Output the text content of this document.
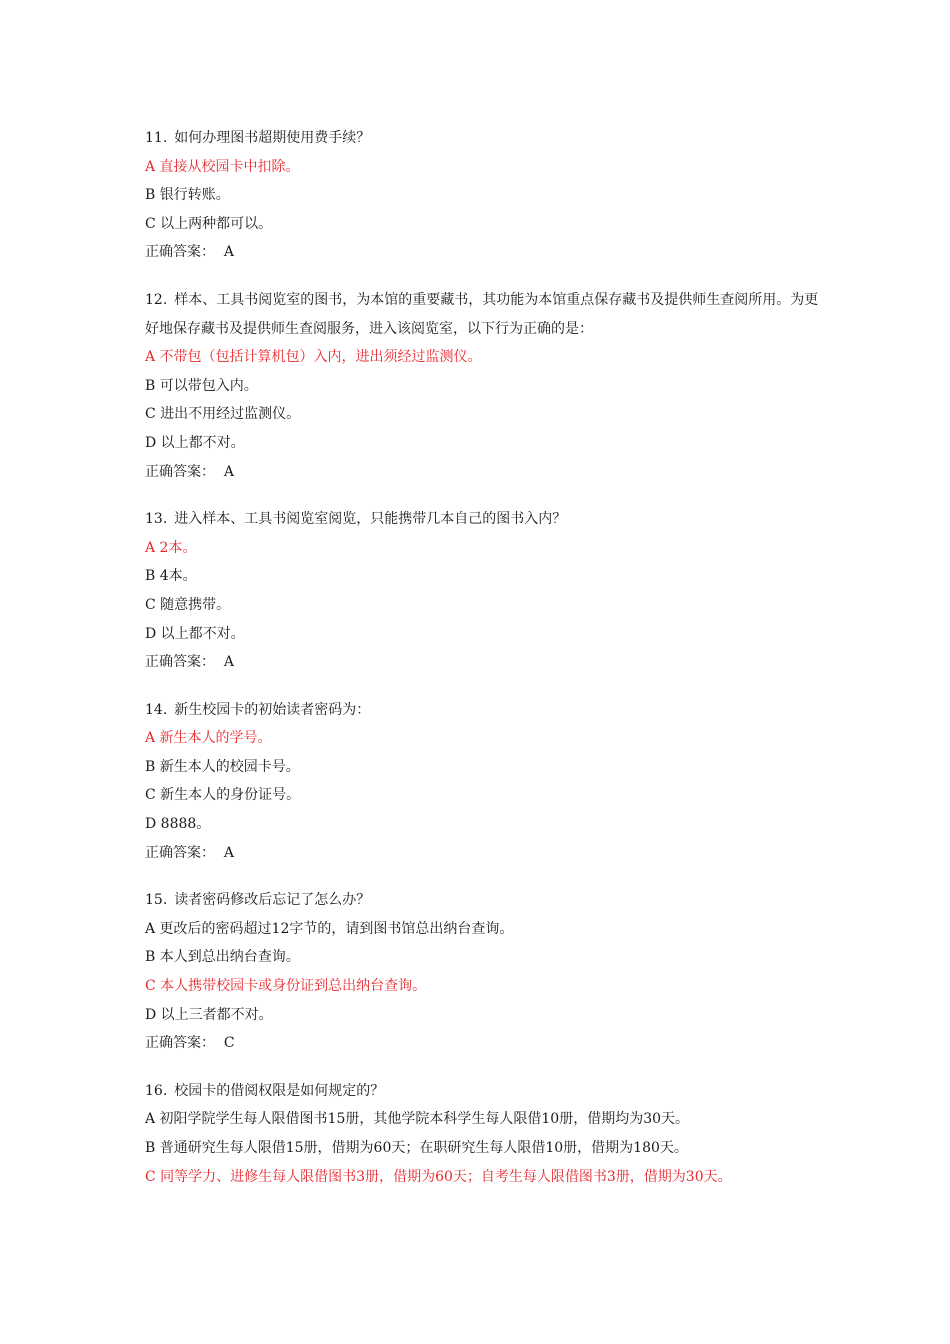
11.  如何办理图书超期使用费手续？
A 直接从校园卡中扣除。
B 银行转账。
C 以上两种都可以。
正确答案： A
12.  样本、工具书阅览室的图书，为本馆的重要藏书，其功能为本馆重点保存藏书及提供师生查阅所用。为更好地保存藏书及提供师生查阅服务，进入该阅览室，以下行为正确的是：
A 不带包（包括计算机包）入内，进出须经过监测仪。
B 可以带包入内。
C 进出不用经过监测仪。
D 以上都不对。
正确答案： A
13.  进入样本、工具书阅览室阅览，只能携带几本自己的图书入内？
A 2本。
B 4本。
C 随意携带。
D 以上都不对。
正确答案： A
14.  新生校园卡的初始读者密码为：
A 新生本人的学号。
B 新生本人的校园卡号。
C 新生本人的身份证号。
D 8888。
正确答案： A
15.  读者密码修改后忘记了怎么办？
A 更改后的密码超过12字节的，请到图书馆总出纳台查询。
B 本人到总出纳台查询。
C 本人携带校园卡或身份证到总出纳台查询。
D 以上三者都不对。
正确答案： C
16.  校园卡的借阅权限是如何规定的？
A 初阳学院学生每人限借图书15册，其他学院本科学生每人限借10册，借期均为30天。
B 普通研究生每人限借15册，借期为60天；在职研究生每人限借10册，借期为180天。
C 同等学力、进修生每人限借图书3册，借期为60天；自考生每人限借图书3册，借期为30天。
